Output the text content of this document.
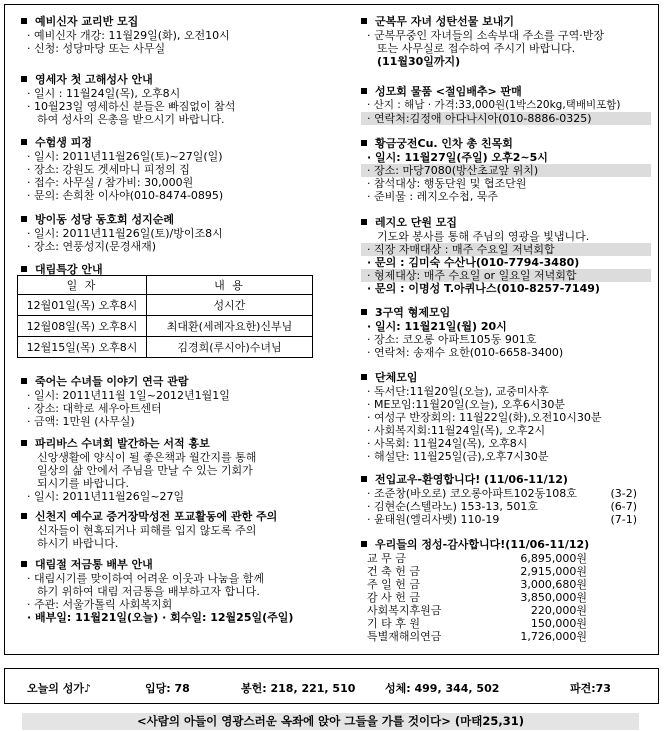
예비신자 교리반 모집
· 예비신자 개강: 11월29일(화), 오전10시
· 신청: 성당마당 또는 사무실
영세자 첫 고해성사 안내
· 일시 : 11월24일(목), 오후8시
· 10월23일 영세하신 분들은 빠짐없이 참석
하여 성사의 은총을 받으시기 바랍니다.
수험생 피정
· 일시: 2011년11월26일(토)~27일(일)
· 장소: 강원도 겟세마니 피정의 집
· 접수: 사무실 / 참가비: 30,000원
· 문의: 손희찬 이사야(010-8474-0895)
방이동 성당 동호회 성지순례
· 일시: 2011년11월26일(토)/방이조8시
· 장소: 연풍성지(문경새재)
대림특강 안내
일 자	내 용
12월01일(목) 오후8시	성시간
12월08일(목) 오후8시	최대환(세례자요한)신부님
12월15일(목) 오후8시	김경희(루시아)수녀님
죽어는 수녀들 이야기 연극 관람
· 일시: 2011년11월 1일~2012년1월1일
· 장소: 대학로 세우아트센터
· 금액: 1만원 (사무실)
파리바스 수녀회 발간하는 서적 홍보
신앙생활에 양식이 될 좋은책과 월간지를 통해
일상의 삶 안에서 주님을 만날 수 있는 기회가
되시기를 바랍니다.
· 일시: 2011년11월26일~27일
신천지 예수교 증거장막성전 포교활동에 관한 주의
신자들이 현혹되거나 피해를 입지 않도록 주의
하시기 바랍니다.
대림절 저금통 배부 안내
· 대림시기를 맞이하여 어려운 이웃과 나눔을 함께
하기 위하여 대림 저금통을 배부하고자 합니다.
· 주관: 서울가톨릭 사회복지회
· 배부일: 11월21일(오늘) · 회수일: 12월25일(주일)
군복무 자녀 성탄선물 보내기
· 군복무중인 자녀들의 소속부대 주소를 구역·반장
또는 사무실로 접수하여 주시기 바랍니다.
(11월30일까지)
성모회 물품 <절임배추> 판매
· 산지 : 해남 · 가격:33,000원(1박스20kg,택배비포함)
· 연락처:김정애 아다나시아(010-8886-0325)
황금궁전Cu. 인차 총 친목회
· 일시: 11월27일(주일) 오후2~5시
· 장소: 마당7080(방산초교앞 위치)
· 참석대상: 행동단원 및 협조단원
· 준비물 : 레지오수첩, 묵주
레지오 단원 모집
기도와 봉사를 통해 주님의 영광을 빛냅니다.
· 직장 자매대상 : 매주 수요일 저녁회합
· 문의 : 김미숙 수산나(010-7794-3480)
· 형제대상: 매주 수요일 or 일요일 저녁회합
· 문의 : 이명성 T.아퀴나스(010-8257-7149)
3구역 형제모임
· 일시: 11월21일(월) 20시
· 장소: 코오롱 아파트105동 901호
· 연락처: 송재수 요한(010-6658-3400)
단체모임
· 독서단:11월20일(오늘), 교중미사후
· ME모임:11월20일(오늘), 오후6시30분
· 여성구 반장회의: 11월22일(화),오전10시30분
· 사회복지회:11월24일(목), 오후2시
· 사목회: 11월24일(목), 오후8시
· 해설단: 11월25일(금),오후7시30분
전입교우-환영합니다! (11/06-11/12)
· 조준창(바오로) 코오롱아파트102동108호	(3-2)
· 김현순(스텔라노) 153-13, 501호	(6-7)
· 윤태원(엘리사벳) 110-19	(7-1)
우리들의 정성-감사합니다!(11/06-11/12)
교 무 금	6,895,000원
건 축 헌 금	2,915,000원
주 일 헌 금	3,000,680원
감 사 헌 금	3,850,000원
사회복지후원금	220,000원
기 타 후 원	150,000원
특별재해의연금	1,726,000원
오늘의 성가♪	입당: 78	봉헌: 218, 221, 510	성체: 499, 344, 502	파견:73
<사람의 아들이 영광스러운 옥좌에 앉아 그들을 가를 것이다> (마태25,31)
